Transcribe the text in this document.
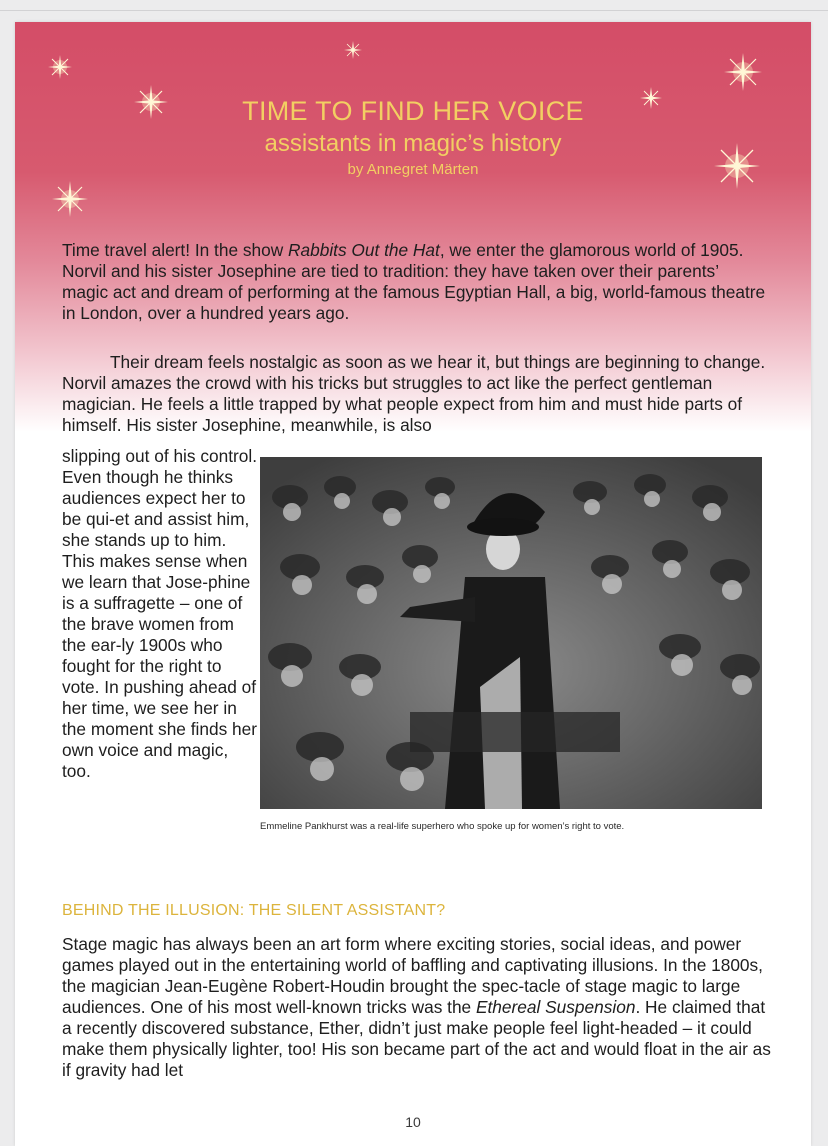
TIME TO FIND HER VOICE
assistants in magic’s history
by Annegret Märten

Time travel alert! In the show Rabbits Out the Hat, we enter the glamorous world of 1905. Norvil and his sister Josephine are tied to tradition: they have taken over their parents’ magic act and dream of performing at the famous Egyptian Hall, a big, world-famous theatre in London, over a hundred years ago.

Their dream feels nostalgic as soon as we hear it, but things are beginning to change. Norvil amazes the crowd with his tricks but struggles to act like the perfect gentleman magician. He feels a little trapped by what people expect from him and must hide parts of himself. His sister Josephine, meanwhile, is also

slipping out of his control. Even though he thinks audiences expect her to be qui-et and assist him, she stands up to him. This makes sense when we learn that Jose-phine is a suffragette – one of the brave women from the ear-ly 1900s who fought for the right to vote. In pushing ahead of her time, we see her in the moment she finds her own voice and magic, too.

Emmeline Pankhurst was a real-life superhero who spoke up for women’s right to vote.
BEHIND THE ILLUSION: THE SILENT ASSISTANT?

Stage magic has always been an art form where exciting stories, social ideas, and power games played out in the entertaining world of baffling and captivating illusions. In the 1800s, the magician Jean-Eugène Robert-Houdin brought the spec-tacle of stage magic to large audiences. One of his most well-known tricks was the Ethereal Suspension. He claimed that a recently discovered substance, Ether, didn’t just make people feel light-headed – it could make them physically lighter, too! His son became part of the act and would float in the air as if gravity had let

10
